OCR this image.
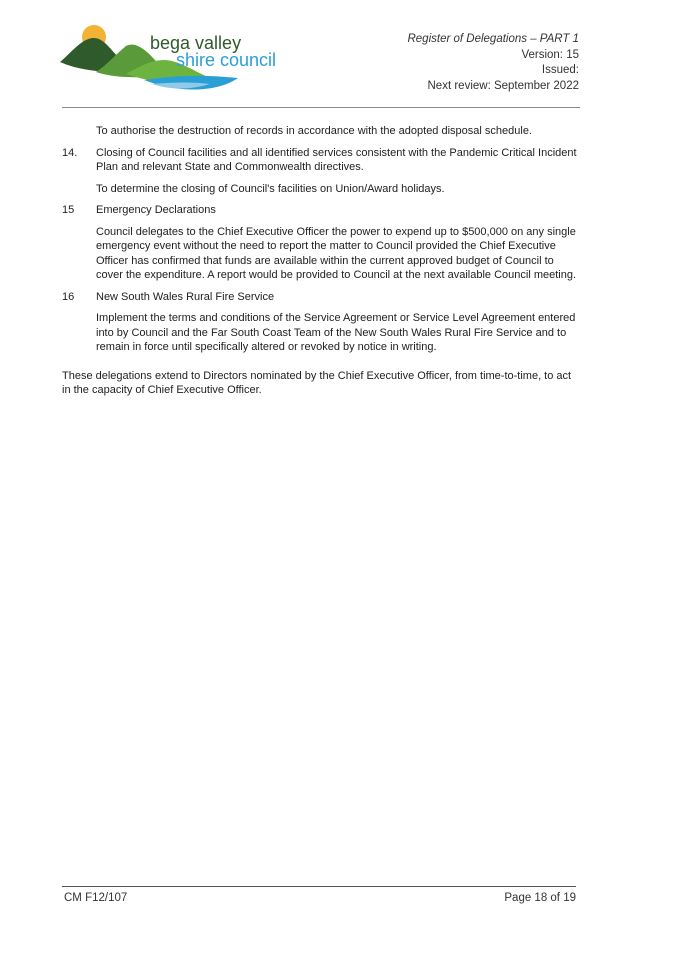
bega valley
shire council
Register of Delegations – PART 1
Version: 15
Issued:
Next review: September 2022

To authorise the destruction of records in accordance with the adopted disposal schedule.

14.	Closing of Council facilities and all identified services consistent with the Pandemic Critical Incident Plan and relevant State and Commonwealth directives.

To determine the closing of Council's facilities on Union/Award holidays.

15	Emergency Declarations

Council delegates to the Chief Executive Officer the power to expend up to $500,000 on any single emergency event without the need to report the matter to Council provided the Chief Executive Officer has confirmed that funds are available within the current approved budget of Council to cover the expenditure. A report would be provided to Council at the next available Council meeting.

16	New South Wales Rural Fire Service

Implement the terms and conditions of the Service Agreement or Service Level Agreement entered into by Council and the Far South Coast Team of the New South Wales Rural Fire Service and to remain in force until specifically altered or revoked by notice in writing.

These delegations extend to Directors nominated by the Chief Executive Officer, from time-to-time, to act in the capacity of Chief Executive Officer.

CM F12/107	Page 18 of 19
